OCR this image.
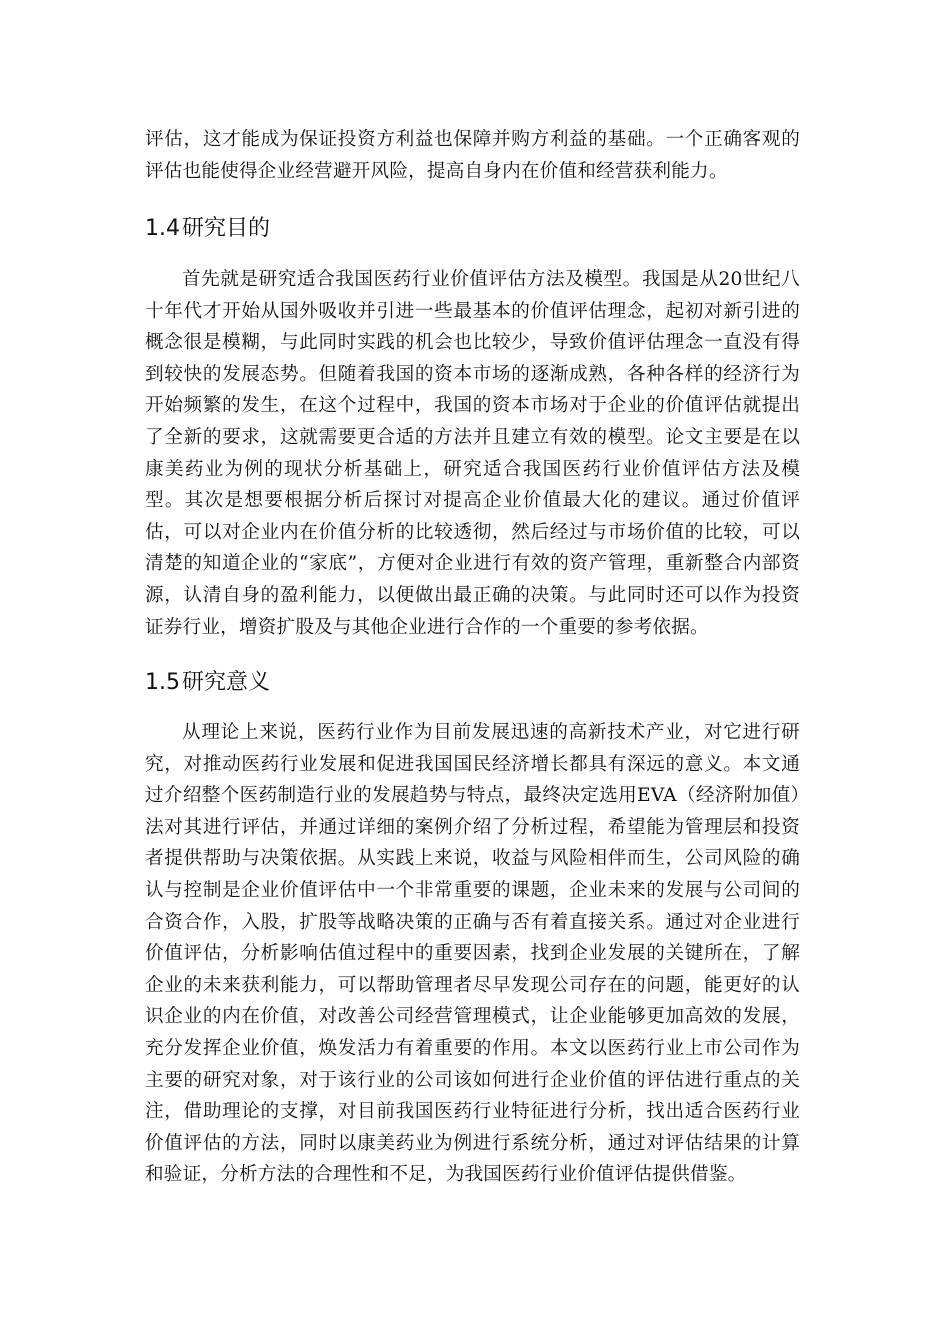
评估，这才能成为保证投资方利益也保障并购方利益的基础。一个正确客观的评估也能使得企业经营避开风险，提高自身内在价值和经营获利能力。

1.4研究目的

首先就是研究适合我国医药行业价值评估方法及模型。我国是从20世纪八十年代才开始从国外吸收并引进一些最基本的价值评估理念，起初对新引进的概念很是模糊，与此同时实践的机会也比较少，导致价值评估理念一直没有得到较快的发展态势。但随着我国的资本市场的逐渐成熟，各种各样的经济行为开始频繁的发生，在这个过程中，我国的资本市场对于企业的价值评估就提出了全新的要求，这就需要更合适的方法并且建立有效的模型。论文主要是在以康美药业为例的现状分析基础上，研究适合我国医药行业价值评估方法及模型。其次是想要根据分析后探讨对提高企业价值最大化的建议。通过价值评估，可以对企业内在价值分析的比较透彻，然后经过与市场价值的比较，可以清楚的知道企业的“家底”，方便对企业进行有效的资产管理，重新整合内部资源，认清自身的盈利能力，以便做出最正确的决策。与此同时还可以作为投资证券行业，增资扩股及与其他企业进行合作的一个重要的参考依据。

1.5研究意义

从理论上来说，医药行业作为目前发展迅速的高新技术产业，对它进行研究，对推动医药行业发展和促进我国国民经济增长都具有深远的意义。本文通过介绍整个医药制造行业的发展趋势与特点，最终决定选用EVA（经济附加值）法对其进行评估，并通过详细的案例介绍了分析过程，希望能为管理层和投资者提供帮助与决策依据。从实践上来说，收益与风险相伴而生，公司风险的确认与控制是企业价值评估中一个非常重要的课题，企业未来的发展与公司间的合资合作，入股，扩股等战略决策的正确与否有着直接关系。通过对企业进行价值评估，分析影响估值过程中的重要因素，找到企业发展的关键所在，了解企业的未来获利能力，可以帮助管理者尽早发现公司存在的问题，能更好的认识企业的内在价值，对改善公司经营管理模式，让企业能够更加高效的发展，充分发挥企业价值，焕发活力有着重要的作用。本文以医药行业上市公司作为主要的研究对象，对于该行业的公司该如何进行企业价值的评估进行重点的关注，借助理论的支撑，对目前我国医药行业特征进行分析，找出适合医药行业价值评估的方法，同时以康美药业为例进行系统分析，通过对评估结果的计算和验证，分析方法的合理性和不足，为我国医药行业价值评估提供借鉴。
